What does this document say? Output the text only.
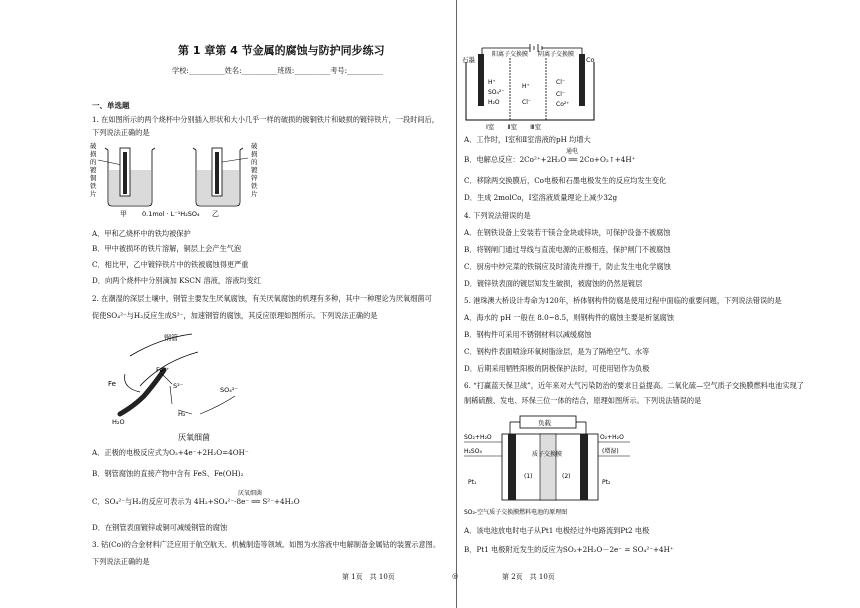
第 1 章第 4 节金属的腐蚀与防护同步练习
学校:__________姓名:__________班级:__________考号:__________
一、单选题
1. 在如图所示的两个烧杯中分别插入形状和大小几乎一样的破损的镀铜铁片和破损的镀锌铁片，一段时间后，
下列说法正确的是
破
损
的
镀
铜
铁
片
破
损
的
镀
锌
铁
片
甲 0.1mol · L⁻¹H₂SO₄ 乙
A．甲和乙烧杯中的铁均被保护
B．甲中被损坏的铁片溶解，铜层上会产生气泡
C．相比甲，乙中镀锌铁片中的铁被腐蚀得更严重
D．向两个烧杯中分别滴加 KSCN 溶液，溶液均变红
2. 在潮湿的深层土壤中，钢管主要发生厌氧腐蚀，有关厌氧腐蚀的机理有多种，其中一种理论为厌氧细菌可
促使SO₄²⁻与H₂反应生成S²⁻，加速钢管的腐蚀，其反应原理如图所示。下列说法正确的是
钢管
Fe²⁺
Fe	S²⁻
H₂
H₂O
SO₄²⁻
厌氧细菌
A．正极的电极反应式为O₂+4e⁻+2H₂O=4OH⁻
B．钢管腐蚀的直接产物中含有 FeS、Fe(OH)₂
C．SO₄²⁻与H₂的反应可表示为 4H₂+SO₄²⁻-8e⁻ ══ S²⁻+4H₂O
厌氧细菌
D．在钢管表面镀锌或铜可减缓钢管的腐蚀
3. 钴(Co)的合金材料广泛应用于航空航天、机械制造等领域。如图为水溶液中电解制备金属钴的装置示意图。
下列说法正确的是
第 1页　共 10页	◎	第 2页　共 10页
石墨	Co
阳离子交换膜 阴离子交换膜
H⁺
SO₄²⁻
H₂O
H⁺
Cl⁻
Cl⁻
Cl⁻
Co²⁺
Ⅰ室　　Ⅱ室　　Ⅲ室
A．工作时，Ⅰ室和Ⅱ室溶液的pH 均增大
B．电解总反应：2Co²⁺+2H₂O ══ 2Co+O₂↑+4H⁺
通电
C．移除两交换膜后，Co电极和石墨电极发生的反应均发生变化
D．生成 2molCo，Ⅰ室溶液质量理论上减少32g
4. 下列说法错误的是
A．在钢铁设备上安装若干镁合金块或锌块，可保护设备不被腐蚀
B．将钢闸门通过导线与直流电源的正极相连，保护闸门不被腐蚀
C．厨房中炒完菜的铁锅应及时清洗并擦干，防止发生电化学腐蚀
D．镀锌铁表面的镀层知发生破损，被腐蚀的仍然是镀层
5. 港珠澳大桥设计寿命为120年，桥体钢构件防腐是使用过程中面临的重要问题，下列说法错误的是
A．海水的 pH 一般在 8.0~8.5，则钢构件的腐蚀主要是析氢腐蚀
B．钢构件可采用不锈钢材料以减缓腐蚀
C．钢构件表面喷涂环氧树脂涂层，是为了隔绝空气、水等
D．后期采用牺牲阳极的阴极保护法时，可使用铝作为负极
6. “打赢蓝天保卫战”，近年来对大气污染防治的要求日益提高。二氧化硫—空气质子交换膜燃料电池实现了
制稀硫酸、发电、环保三位一体的结合，原理如图所示。下列说法错误的是
负载
质子交换膜
(1)	(2)
SO₂+H₂O
H₂SO₄
O₂+H₂O
(增湿)
Pt₁	Pt₂
SO₂-空气质子交换膜燃料电池的原理图
A．该电池放电时电子从Pt1 电极经过外电路流到Pt2 电极
B．Pt1 电极附近发生的反应为SO₂+2H₂O－2e⁻ = SO₄²⁻+4H⁺
